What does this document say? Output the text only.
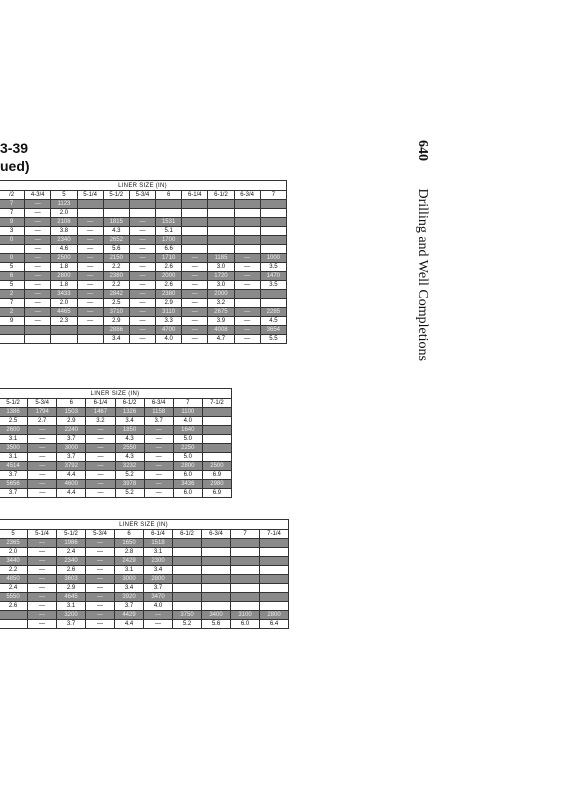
3-39
ued)
640 Drilling and Well Completions
LINER SIZE (IN)										
/2	4-3/4	5	5-1/4	5-1/2	5-3/4	6	6-1/4	6-1/2	6-3/4	7
7	—	1123								
7	—	2.0								
9	—	2108	—	1815	—	1531				
3	—	3.8	—	4.3	—	5.1				
0	—	2340	—	2652	—	1700				
	—	4.6	—	5.6	—	6.6				
0	—	2500	—	2150	—	1710	—	1185	—	1000
5	—	1.8	—	2.2	—	2.6	—	3.0	—	3.5
6	—	2800	—	2380	—	2000	—	1720	—	1470
5	—	1.8	—	2.2	—	2.6	—	3.0	—	3.5
2	—	3433	—	2842	—	2380	—	2000		
7	—	2.0	—	2.5	—	2.9	—	3.2		
2	—	4465	—	3710	—	3110	—	2675	—	2285
9	—	2.3	—	2.9	—	3.3	—	3.9	—	4.5
				2886	—	4700	—	4008	—	3654
				3.4	—	4.0	—	4.7	—	5.5
LINER SIZE (IN)							
5-1/2	5-3/4	6	6-1/4	6-1/2	6-3/4	7	7-1/2
1386	1794	1503	1467	1326	1158	1100	
2.5	2.7	2.9	3.2	3.4	3.7	4.0	
2600	—	2240	—	1850	—	1640	
3.1	—	3.7	—	4.3	—	5.0	
3500	—	3000	—	2550	—	2250	
3.1	—	3.7	—	4.3	—	5.0	
4514	—	3792	—	3232	—	2800	2500
3.7	—	4.4	—	5.2	—	6.0	6.9
5656	—	4600	—	3978	—	3436	2980
3.7	—	4.4	—	5.2	—	6.0	6.9
LINER SIZE (IN)									
5	5-1/4	5-1/2	5-3/4	6	6-1/4	6-1/2	6-3/4	7	7-1/4
2365	—	1986	—	1650	1518				
2.0	—	2.4	—	2.8	3.1				
3440	—	2340	—	2429	2300				
2.2	—	2.6	—	3.1	3.4				
4850	—	3603	—	3000	2800				
2.4	—	2.9	—	3.4	3.7				
5550	—	4645	—	3920	3470				
2.6	—	3.1	—	3.7	4.0				
	—	3200	—	4429	—	3750	3400	3100	2800
	—	3.7	—	4.4	—	5.2	5.6	6.0	6.4
